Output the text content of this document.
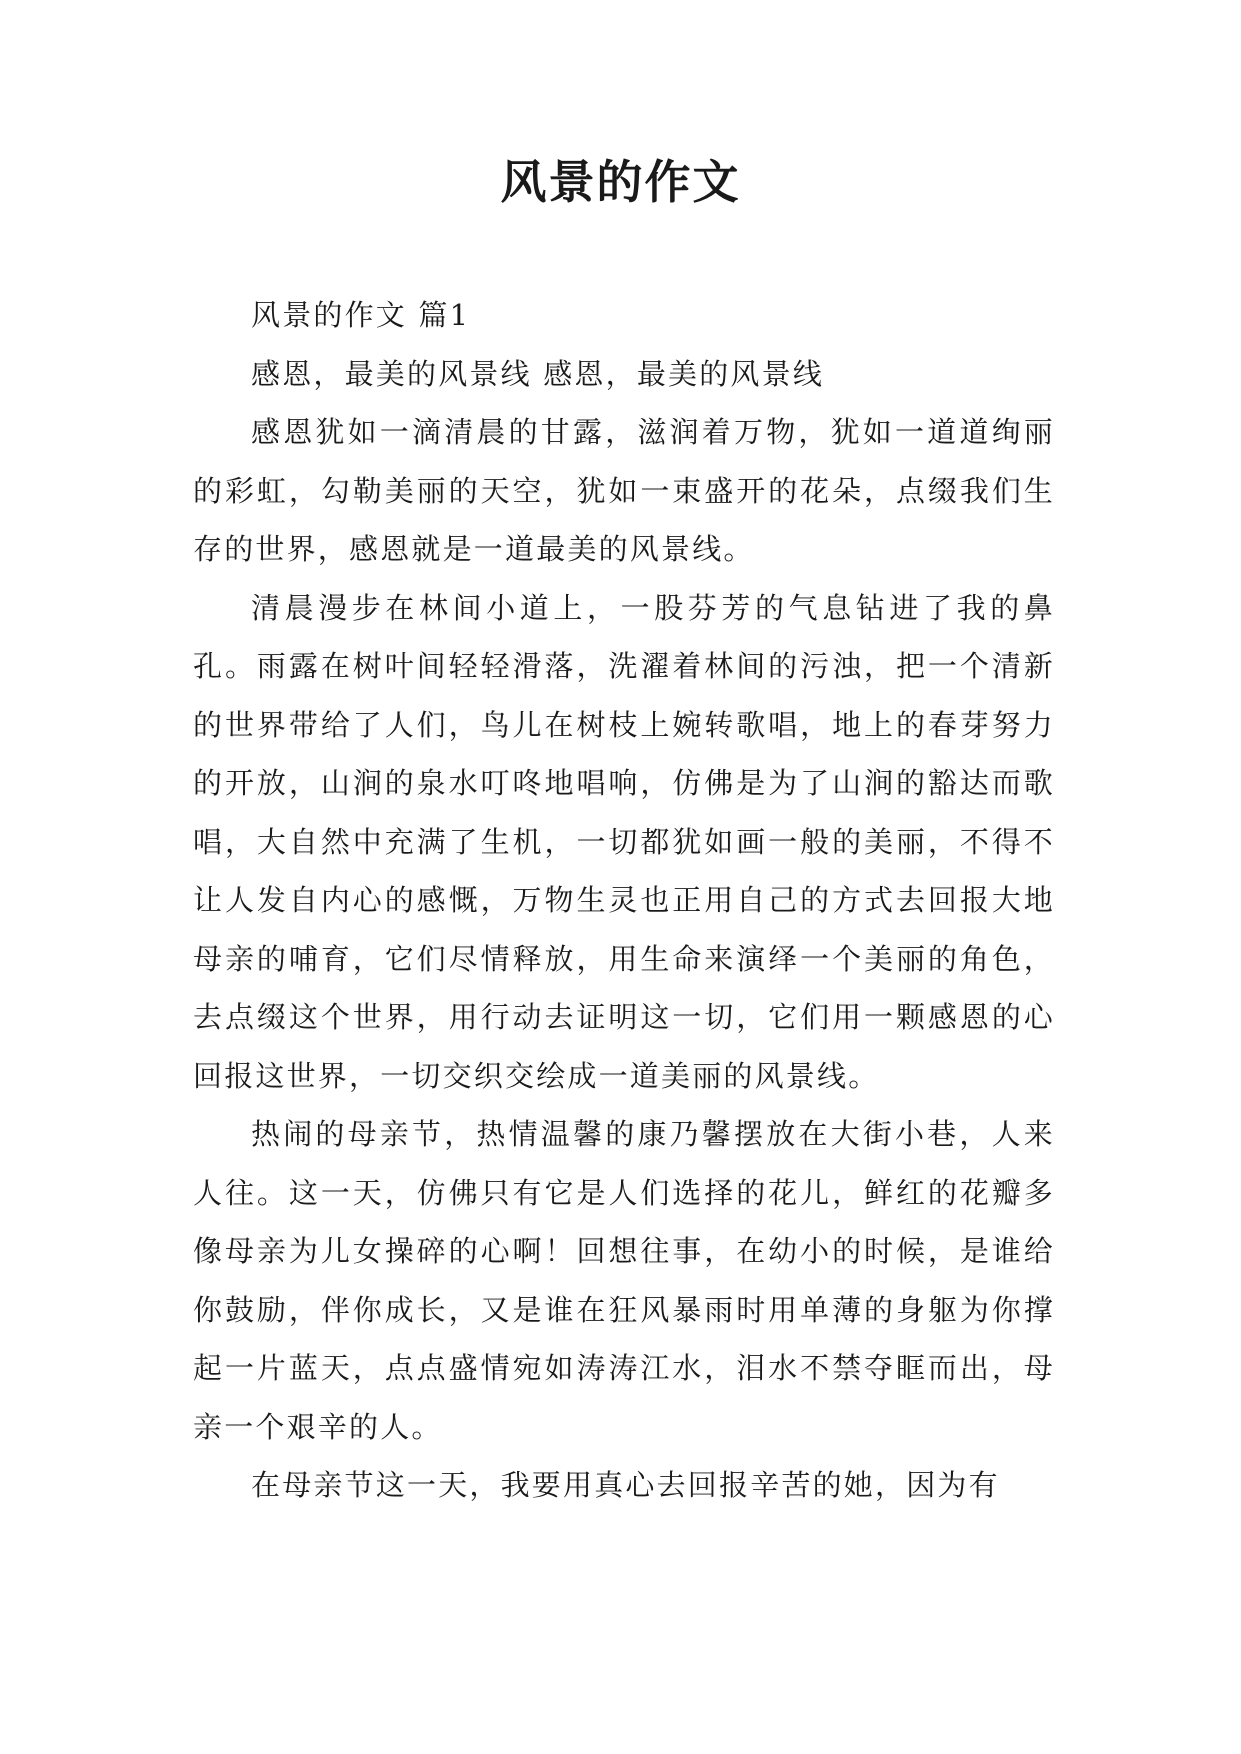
风景的作文

风景的作文 篇1

感恩，最美的风景线 感恩，最美的风景线

感恩犹如一滴清晨的甘露，滋润着万物，犹如一道道绚丽的彩虹，勾勒美丽的天空，犹如一束盛开的花朵，点缀我们生存的世界，感恩就是一道最美的风景线。

清晨漫步在林间小道上，一股芬芳的气息钻进了我的鼻孔。雨露在树叶间轻轻滑落，洗濯着林间的污浊，把一个清新的世界带给了人们，鸟儿在树枝上婉转歌唱，地上的春芽努力的开放，山涧的泉水叮咚地唱响，仿佛是为了山涧的豁达而歌唱，大自然中充满了生机，一切都犹如画一般的美丽，不得不让人发自内心的感慨，万物生灵也正用自己的方式去回报大地母亲的哺育，它们尽情释放，用生命来演绎一个美丽的角色，去点缀这个世界，用行动去证明这一切，它们用一颗感恩的心回报这世界，一切交织交绘成一道美丽的风景线。

热闹的母亲节，热情温馨的康乃馨摆放在大街小巷，人来人往。这一天，仿佛只有它是人们选择的花儿，鲜红的花瓣多像母亲为儿女操碎的心啊！回想往事，在幼小的时候，是谁给你鼓励，伴你成长，又是谁在狂风暴雨时用单薄的身躯为你撑起一片蓝天，点点盛情宛如涛涛江水，泪水不禁夺眶而出，母亲一个艰辛的人。

在母亲节这一天，我要用真心去回报辛苦的她，因为有
